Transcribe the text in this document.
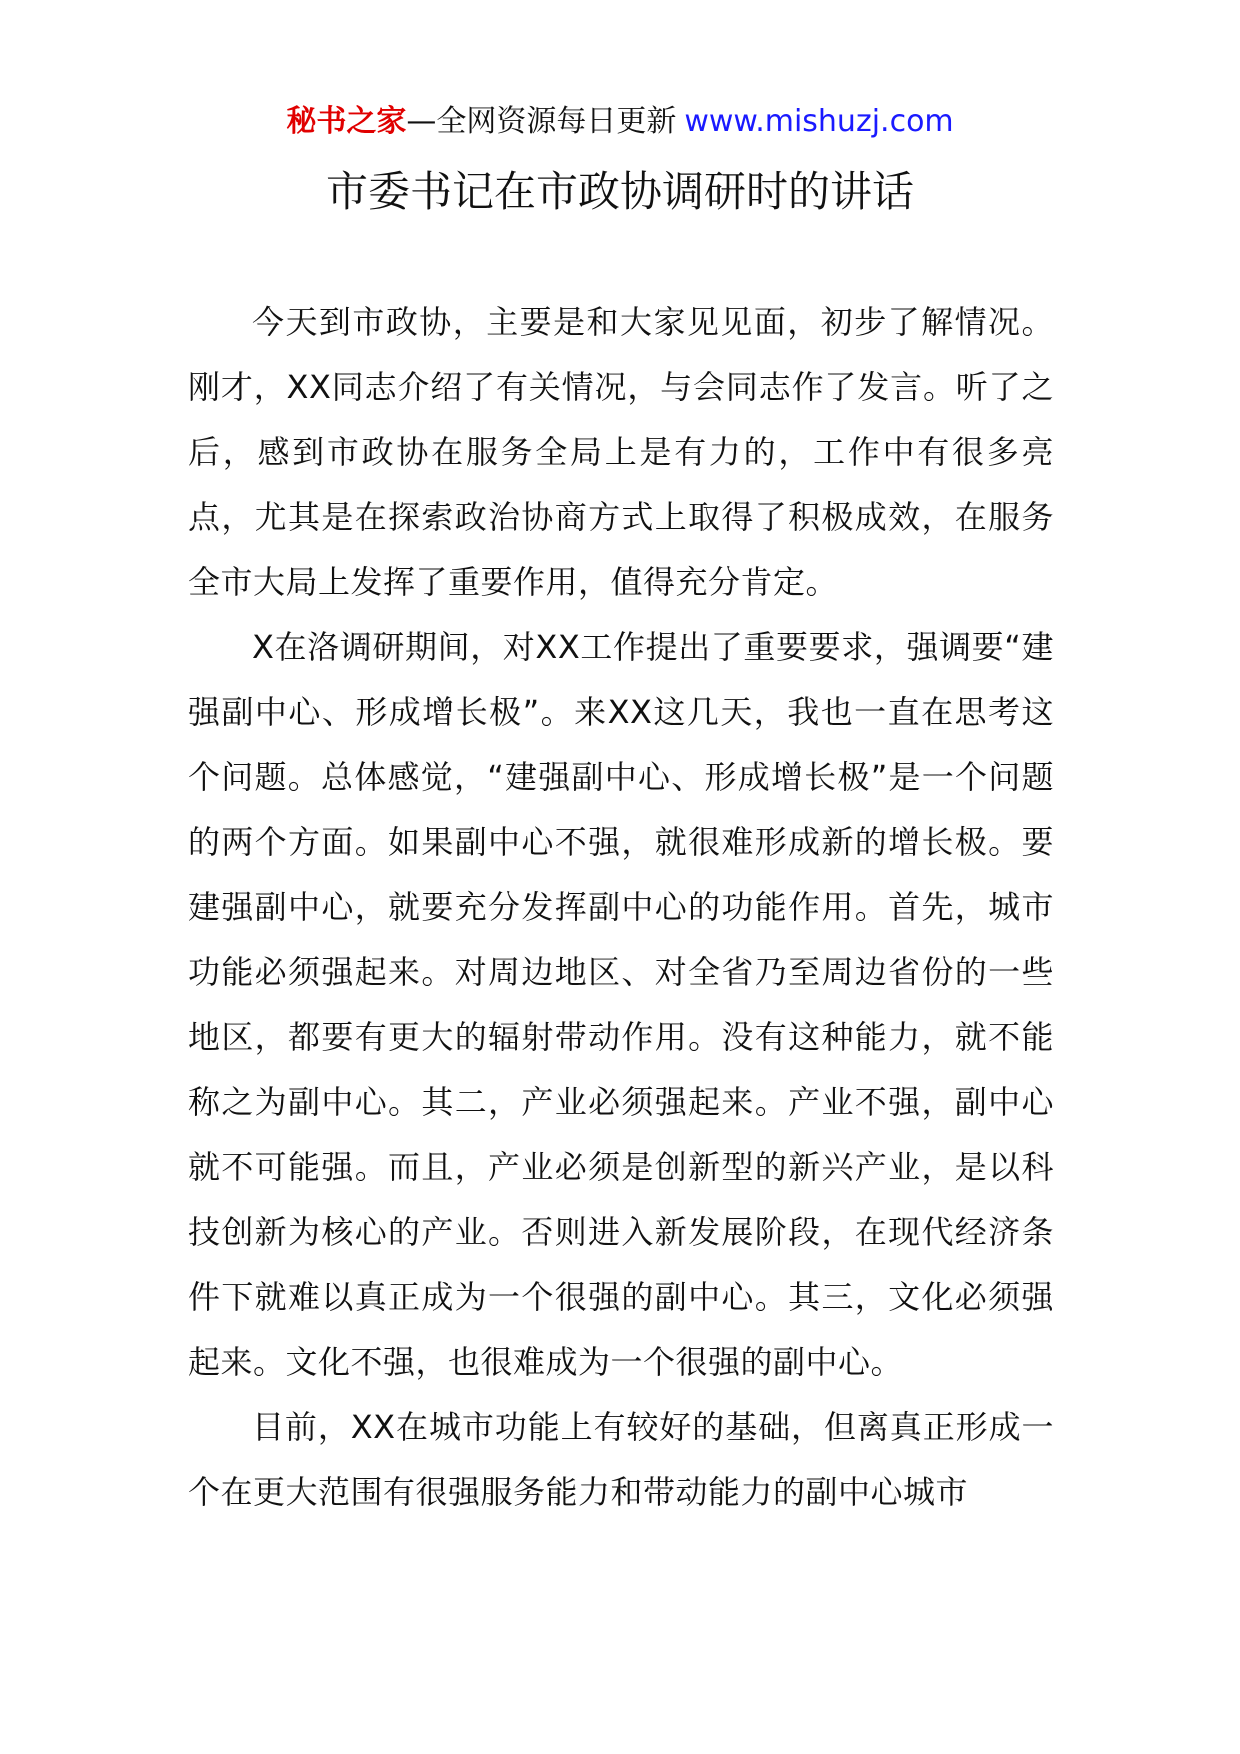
秘书之家—全网资源每日更新 www.mishuzj.com
市委书记在市政协调研时的讲话

今天到市政协，主要是和大家见见面，初步了解情况。刚才，XX同志介绍了有关情况，与会同志作了发言。听了之后，感到市政协在服务全局上是有力的，工作中有很多亮点，尤其是在探索政治协商方式上取得了积极成效，在服务全市大局上发挥了重要作用，值得充分肯定。

X在洛调研期间，对XX工作提出了重要要求，强调要“建强副中心、形成增长极”。来XX这几天，我也一直在思考这个问题。总体感觉，“建强副中心、形成增长极”是一个问题的两个方面。如果副中心不强，就很难形成新的增长极。要建强副中心，就要充分发挥副中心的功能作用。首先，城市功能必须强起来。对周边地区、对全省乃至周边省份的一些地区，都要有更大的辐射带动作用。没有这种能力，就不能称之为副中心。其二，产业必须强起来。产业不强，副中心就不可能强。而且，产业必须是创新型的新兴产业，是以科技创新为核心的产业。否则进入新发展阶段，在现代经济条件下就难以真正成为一个很强的副中心。其三，文化必须强起来。文化不强，也很难成为一个很强的副中心。

目前，XX在城市功能上有较好的基础，但离真正形成一个在更大范围有很强服务能力和带动能力的副中心城市
